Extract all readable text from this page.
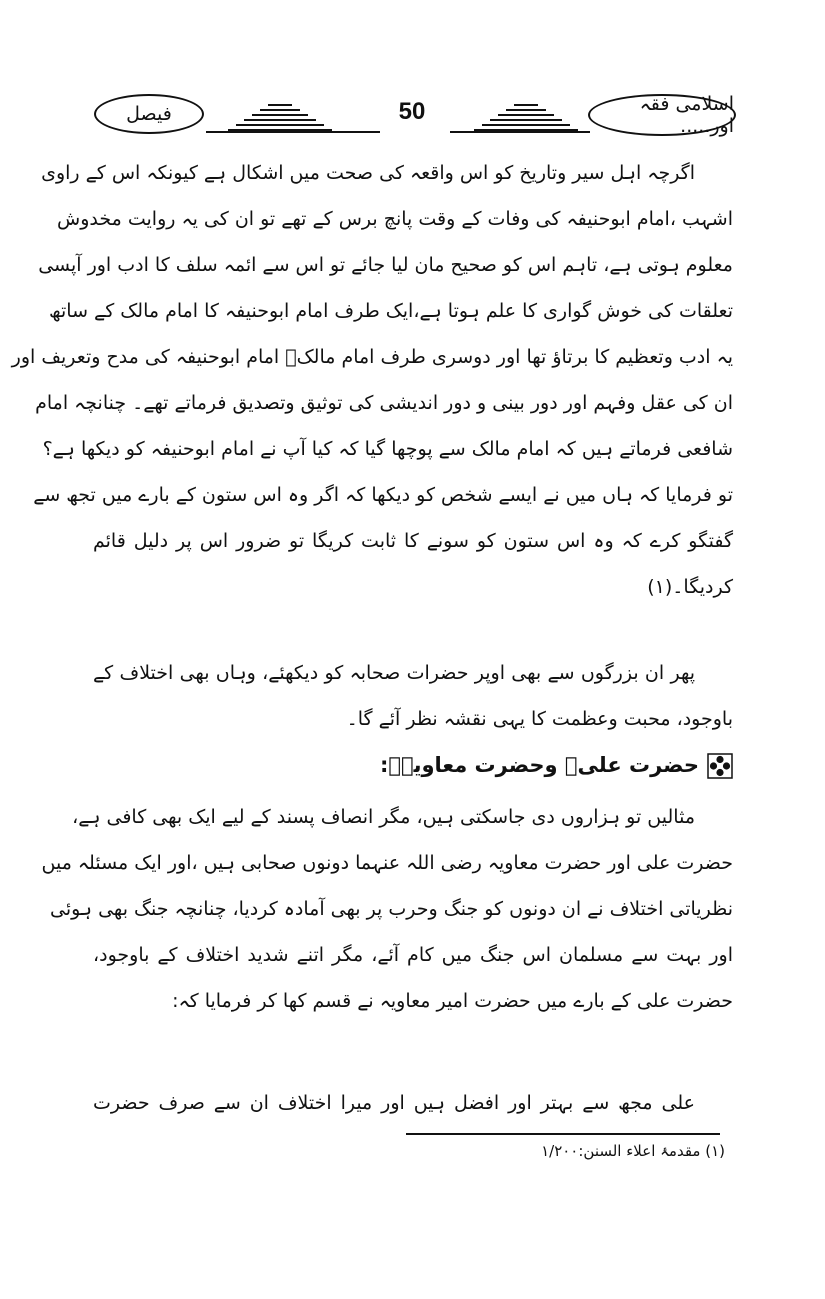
اسلامی فقہ اور.....
فیصل	50
اگرچہ اہل سیر وتاریخ کو اس واقعہ کی صحت میں اشکال ہے کیونکہ اس کے راوی
اشہب ،امام ابوحنیفہ کی وفات کے وقت پانچ برس کے تھے تو ان کی یہ روایت مخدوش
معلوم ہوتی ہے، تاہم اس کو صحیح مان لیا جائے تو اس سے ائمہ سلف کا ادب اور آپسی
تعلقات کی خوش گواری کا علم ہوتا ہے،ایک طرف امام ابوحنیفہ کا امام مالک کے ساتھ
یہ ادب وتعظیم کا برتاؤ تھا اور دوسری طرف امام مالکؒ امام ابوحنیفہ کی مدح وتعریف اور
ان کی عقل وفہم اور دور بینی و دور اندیشی کی توثیق وتصدیق فرماتے تھے۔ چنانچہ امام
شافعی فرماتے ہیں کہ امام مالک سے پوچھا گیا کہ کیا آپ نے امام ابوحنیفہ کو دیکھا ہے؟
تو فرمایا کہ ہاں میں نے ایسے شخص کو دیکھا کہ اگر وہ اس ستون کے بارے میں تجھ سے
گفتگو کرے کہ وہ اس ستون کو سونے کا ثابت کریگا تو ضرور اس پر دلیل قائم
کردیگا۔(۱)
پھر ان بزرگوں سے بھی اوپر حضرات صحابہ کو دیکھئے، وہاں بھی اختلاف کے
باوجود، محبت وعظمت کا یہی نقشہ نظر آئے گا۔
حضرت علیؓ وحضرت معاویہؓ:
مثالیں تو ہزاروں دی جاسکتی ہیں، مگر انصاف پسند کے لیے ایک بھی کافی ہے،
حضرت علی اور حضرت معاویہ رضی اللہ عنہما دونوں صحابی ہیں ،اور ایک مسئلہ میں
نظریاتی اختلاف نے ان دونوں کو جنگ وحرب پر بھی آمادہ کردیا، چنانچہ جنگ بھی ہوئی
اور بہت سے مسلمان اس جنگ میں کام آئے، مگر اتنے شدید اختلاف کے باوجود،
حضرت علی کے بارے میں حضرت امیر معاویہ نے قسم کھا کر فرمایا کہ:
علی مجھ سے بہتر اور افضل ہیں اور میرا اختلاف ان سے صرف حضرت
(۱) مقدمۂ اعلاء السنن:۱/۲۰۰
